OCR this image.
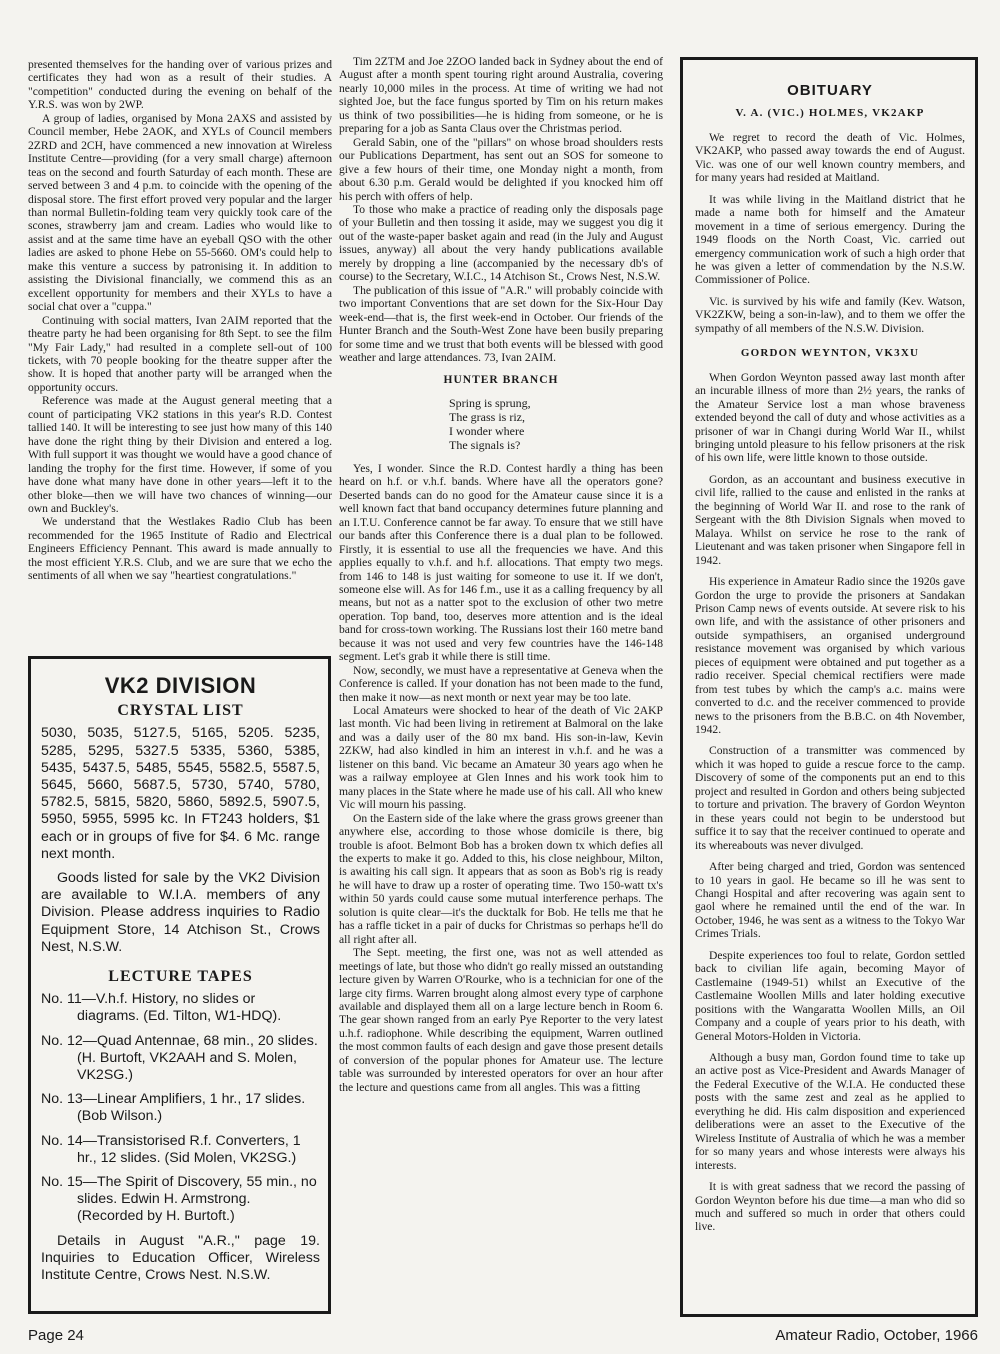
presented themselves for the handing over of various prizes and certificates they had won as a result of their studies. A "competition" conducted during the evening on behalf of the Y.R.S. was won by 2WP.

A group of ladies, organised by Mona 2AXS and assisted by Council member, Hebe 2AOK, and XYLs of Council members 2ZRD and 2CH, have commenced a new innovation at Wireless Institute Centre—providing (for a very small charge) afternoon teas on the second and fourth Saturday of each month. These are served between 3 and 4 p.m. to coincide with the opening of the disposal store. The first effort proved very popular and the larger than normal Bulletin-folding team very quickly took care of the scones, strawberry jam and cream. Ladies who would like to assist and at the same time have an eyeball QSO with the other ladies are asked to phone Hebe on 55-5660. OM's could help to make this venture a success by patronising it. In addition to assisting the Divisional financially, we commend this as an excellent opportunity for members and their XYLs to have a social chat over a "cuppa."

Continuing with social matters, Ivan 2AIM reported that the theatre party he had been organising for 8th Sept. to see the film "My Fair Lady," had resulted in a complete sell-out of 100 tickets, with 70 people booking for the theatre supper after the show. It is hoped that another party will be arranged when the opportunity occurs.

Reference was made at the August general meeting that a count of participating VK2 stations in this year's R.D. Contest tallied 140. It will be interesting to see just how many of this 140 have done the right thing by their Division and entered a log. With full support it was thought we would have a good chance of landing the trophy for the first time. However, if some of you have done what many have done in other years—left it to the other bloke—then we will have two chances of winning—our own and Buckley's.

We understand that the Westlakes Radio Club has been recommended for the 1965 Institute of Radio and Electrical Engineers Efficiency Pennant. This award is made annually to the most efficient Y.R.S. Club, and we are sure that we echo the sentiments of all when we say "heartiest congratulations."

VK2 DIVISION
CRYSTAL LIST
5030, 5035, 5127.5, 5165, 5205. 5235, 5285, 5295, 5327.5 5335, 5360, 5385, 5435, 5437.5, 5485, 5545, 5582.5, 5587.5, 5645, 5660, 5687.5, 5730, 5740, 5780, 5782.5, 5815, 5820, 5860, 5892.5, 5907.5, 5950, 5955, 5995 kc. In FT243 holders, $1 each or in groups of five for $4. 6 Mc. range next month.
Goods listed for sale by the VK2 Division are available to W.I.A. members of any Division. Please address inquiries to Radio Equipment Store, 14 Atchison St., Crows Nest, N.S.W.
LECTURE TAPES
No. 11—V.h.f. History, no slides or diagrams. (Ed. Tilton, W1-HDQ).
No. 12—Quad Antennae, 68 min., 20 slides. (H. Burtoft, VK2AAH and S. Molen, VK2SG.)
No. 13—Linear Amplifiers, 1 hr., 17 slides. (Bob Wilson.)
No. 14—Transistorised R.f. Converters, 1 hr., 12 slides. (Sid Molen, VK2SG.)
No. 15—The Spirit of Discovery, 55 min., no slides. Edwin H. Armstrong. (Recorded by H. Burtoft.)
Details in August "A.R.," page 19. Inquiries to Education Officer, Wireless Institute Centre, Crows Nest. N.S.W.

Tim 2ZTM and Joe 2ZOO landed back in Sydney about the end of August after a month spent touring right around Australia, covering nearly 10,000 miles in the process. At time of writing we had not sighted Joe, but the face fungus sported by Tim on his return makes us think of two possibilities—he is hiding from someone, or he is preparing for a job as Santa Claus over the Christmas period.

Gerald Sabin, one of the "pillars" on whose broad shoulders rests our Publications Department, has sent out an SOS for someone to give a few hours of their time, one Monday night a month, from about 6.30 p.m. Gerald would be delighted if you knocked him off his perch with offers of help.

To those who make a practice of reading only the disposals page of your Bulletin and then tossing it aside, may we suggest you dig it out of the waste-paper basket again and read (in the July and August issues, anyway) all about the very handy publications available merely by dropping a line (accompanied by the necessary db's of course) to the Secretary, W.I.C., 14 Atchison St., Crows Nest, N.S.W.

The publication of this issue of "A.R." will probably coincide with two important Conventions that are set down for the Six-Hour Day week-end—that is, the first week-end in October. Our friends of the Hunter Branch and the South-West Zone have been busily preparing for some time and we trust that both events will be blessed with good weather and large attendances. 73, Ivan 2AIM.

HUNTER BRANCH
Spring is sprung,
The grass is riz,
I wonder where
The signals is?

Yes, I wonder. Since the R.D. Contest hardly a thing has been heard on h.f. or v.h.f. bands. Where have all the operators gone? Deserted bands can do no good for the Amateur cause since it is a well known fact that band occupancy determines future planning and an I.T.U. Conference cannot be far away. To ensure that we still have our bands after this Conference there is a dual plan to be followed. Firstly, it is essential to use all the frequencies we have. And this applies equally to v.h.f. and h.f. allocations. That empty two megs. from 146 to 148 is just waiting for someone to use it. If we don't, someone else will. As for 146 f.m., use it as a calling frequency by all means, but not as a natter spot to the exclusion of other two metre operation. Top band, too, deserves more attention and is the ideal band for cross-town working. The Russians lost their 160 metre band because it was not used and very few countries have the 146-148 segment. Let's grab it while there is still time.

Now, secondly, we must have a representative at Geneva when the Conference is called. If your donation has not been made to the fund, then make it now—as next month or next year may be too late.

Local Amateurs were shocked to hear of the death of Vic 2AKP last month. Vic had been living in retirement at Balmoral on the lake and was a daily user of the 80 mx band. His son-in-law, Kevin 2ZKW, had also kindled in him an interest in v.h.f. and he was a listener on this band. Vic became an Amateur 30 years ago when he was a railway employee at Glen Innes and his work took him to many places in the State where he made use of his call. All who knew Vic will mourn his passing.

On the Eastern side of the lake where the grass grows greener than anywhere else, according to those whose domicile is there, big trouble is afoot. Belmont Bob has a broken down tx which defies all the experts to make it go. Added to this, his close neighbour, Milton, is awaiting his call sign. It appears that as soon as Bob's rig is ready he will have to draw up a roster of operating time. Two 150-watt tx's within 50 yards could cause some mutual interference perhaps. The solution is quite clear—it's the ducktalk for Bob. He tells me that he has a raffle ticket in a pair of ducks for Christmas so perhaps he'll do all right after all.

The Sept. meeting, the first one, was not as well attended as meetings of late, but those who didn't go really missed an outstanding lecture given by Warren O'Rourke, who is a technician for one of the large city firms. Warren brought along almost every type of carphone available and displayed them all on a large lecture bench in Room 6. The gear shown ranged from an early Pye Reporter to the very latest u.h.f. radiophone. While describing the equipment, Warren outlined the most common faults of each design and gave those present details of conversion of the popular phones for Amateur use. The lecture table was surrounded by interested operators for over an hour after the lecture and questions came from all angles. This was a fitting

OBITUARY
V. A. (VIC.) HOLMES, VK2AKP

We regret to record the death of Vic. Holmes, VK2AKP, who passed away towards the end of August. Vic. was one of our well known country members, and for many years had resided at Maitland.

It was while living in the Maitland district that he made a name both for himself and the Amateur movement in a time of serious emergency. During the 1949 floods on the North Coast, Vic. carried out emergency communication work of such a high order that he was given a letter of commendation by the N.S.W. Commissioner of Police.

Vic. is survived by his wife and family (Kev. Watson, VK2ZKW, being a son-in-law), and to them we offer the sympathy of all members of the N.S.W. Division.

GORDON WEYNTON, VK3XU

When Gordon Weynton passed away last month after an incurable illness of more than 2½ years, the ranks of the Amateur Service lost a man whose braveness extended beyond the call of duty and whose activities as a prisoner of war in Changi during World War II., whilst bringing untold pleasure to his fellow prisoners at the risk of his own life, were little known to those outside.

Gordon, as an accountant and business executive in civil life, rallied to the cause and enlisted in the ranks at the beginning of World War II. and rose to the rank of Sergeant with the 8th Division Signals when moved to Malaya. Whilst on service he rose to the rank of Lieutenant and was taken prisoner when Singapore fell in 1942.

His experience in Amateur Radio since the 1920s gave Gordon the urge to provide the prisoners at Sandakan Prison Camp news of events outside. At severe risk to his own life, and with the assistance of other prisoners and outside sympathisers, an organised underground resistance movement was organised by which various pieces of equipment were obtained and put together as a radio receiver. Special chemical rectifiers were made from test tubes by which the camp's a.c. mains were converted to d.c. and the receiver commenced to provide news to the prisoners from the B.B.C. on 4th November, 1942.

Construction of a transmitter was commenced by which it was hoped to guide a rescue force to the camp. Discovery of some of the components put an end to this project and resulted in Gordon and others being subjected to torture and privation. The bravery of Gordon Weynton in these years could not begin to be understood but suffice it to say that the receiver continued to operate and its whereabouts was never divulged.

After being charged and tried, Gordon was sentenced to 10 years in gaol. He became so ill he was sent to Changi Hospital and after recovering was again sent to gaol where he remained until the end of the war. In October, 1946, he was sent as a witness to the Tokyo War Crimes Trials.

Despite experiences too foul to relate, Gordon settled back to civilian life again, becoming Mayor of Castlemaine (1949-51) whilst an Executive of the Castlemaine Woollen Mills and later holding executive positions with the Wangaratta Woollen Mills, an Oil Company and a couple of years prior to his death, with General Motors-Holden in Victoria.

Although a busy man, Gordon found time to take up an active post as Vice-President and Awards Manager of the Federal Executive of the W.I.A. He conducted these posts with the same zest and zeal as he applied to everything he did. His calm disposition and experienced deliberations were an asset to the Executive of the Wireless Institute of Australia of which he was a member for so many years and whose interests were always his interests.

It is with great sadness that we record the passing of Gordon Weynton before his due time—a man who did so much and suffered so much in order that others could live.

Page 24	Amateur Radio, October, 1966
